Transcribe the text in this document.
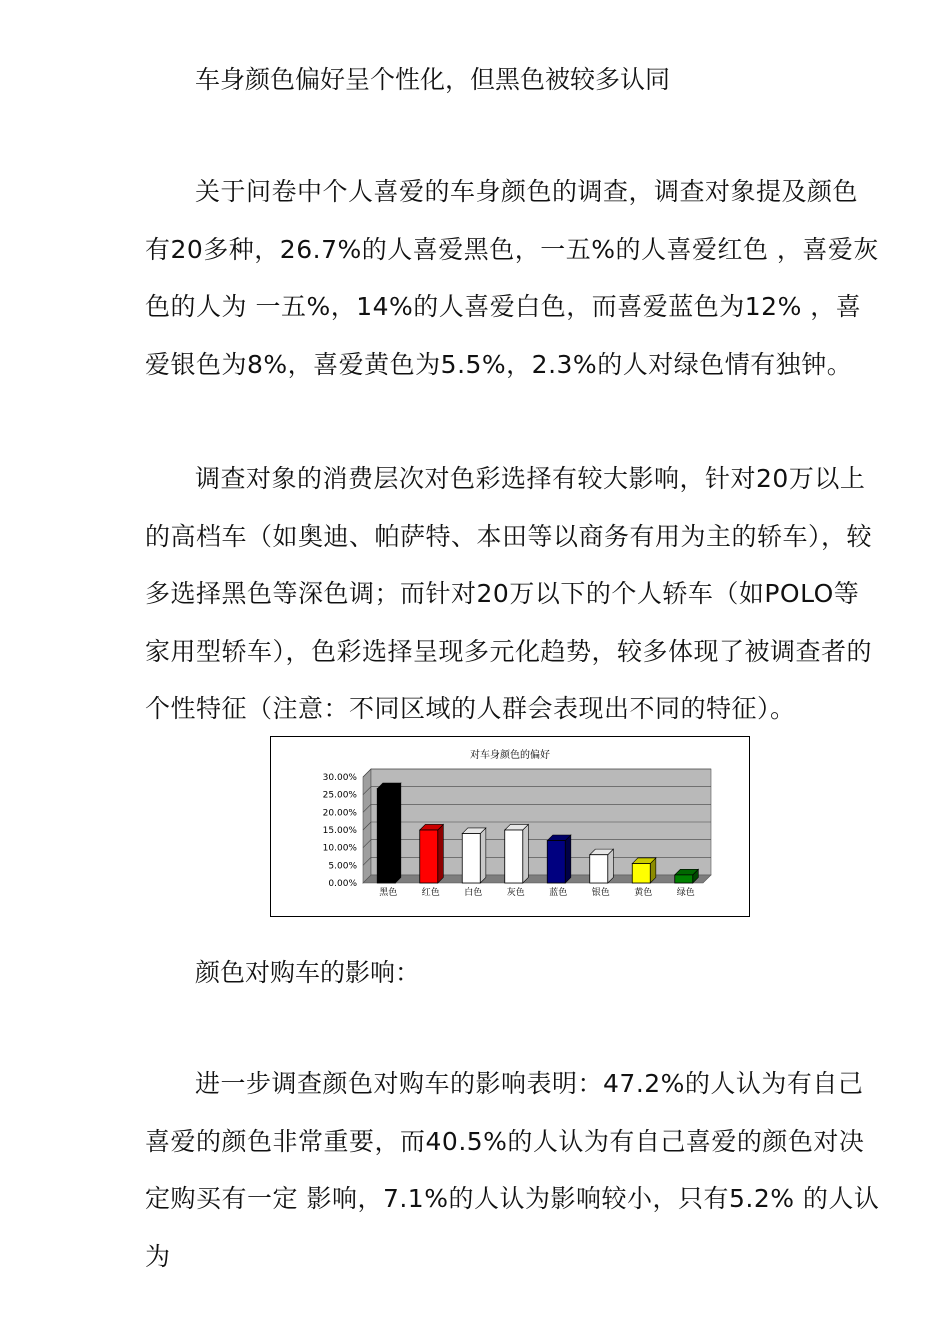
车身颜色偏好呈个性化，但黑色被较多认同

关于问卷中个人喜爱的车身颜色的调查，调查对象提及颜色有20多种，26.7%的人喜爱黑色，一五%的人喜爱红色 ，喜爱灰色的人为 一五%，14%的人喜爱白色，而喜爱蓝色为12% ，喜爱银色为8%，喜爱黄色为5.5%，2.3%的人对绿色情有独钟。

调查对象的消费层次对色彩选择有较大影响，针对20万以上的高档车（如奥迪、帕萨特、本田等以商务有用为主的轿车），较多选择黑色等深色调；而针对20万以下的个人轿车（如POLO等家用型轿车），色彩选择呈现多元化趋势，较多体现了被调查者的个性特征（注意：不同区域的人群会表现出不同的特征）。

对车身颜色的偏好
30.00%
25.00%
20.00%
15.00%
10.00%
5.00%
0.00%
黑色	红色	白色	灰色	蓝色	银色	黄色	绿色
颜色对购车的影响：

进一步调查颜色对购车的影响表明：47.2%的人认为有自己喜爱的颜色非常重要，而40.5%的人认为有自己喜爱的颜色对决定购买有一定 影响，7.1%的人认为影响较小，只有5.2% 的人认为
